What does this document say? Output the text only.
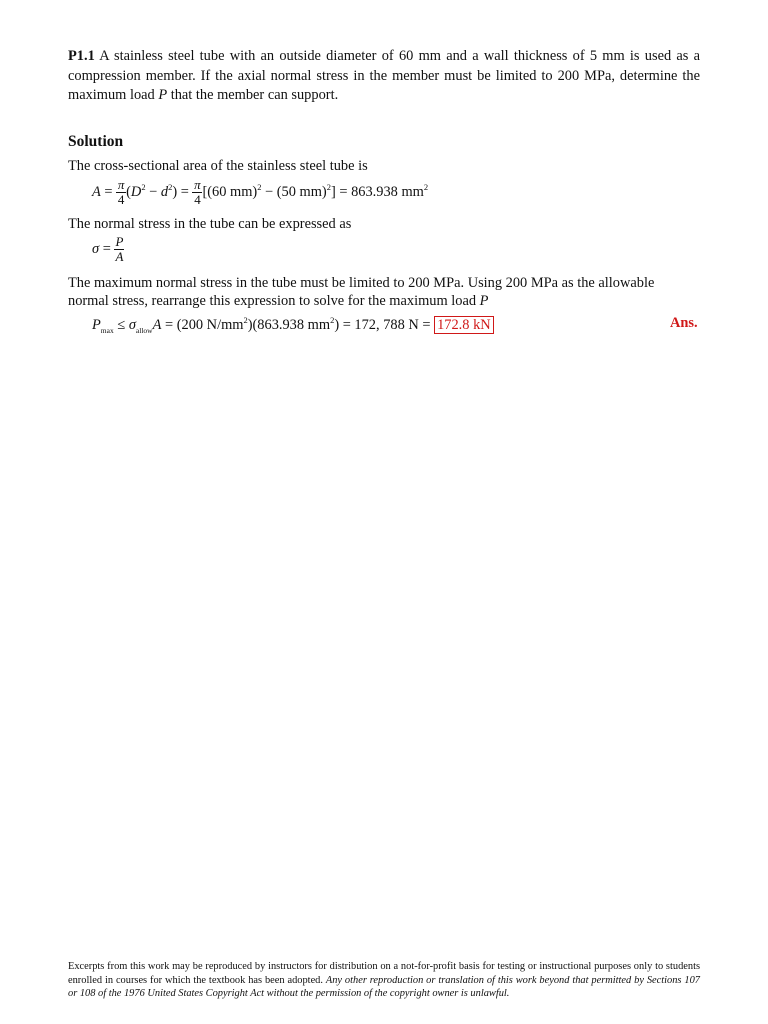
P1.1 A stainless steel tube with an outside diameter of 60 mm and a wall thickness of 5 mm is used as a compression member. If the axial normal stress in the member must be limited to 200 MPa, determine the maximum load P that the member can support.
Solution
The cross-sectional area of the stainless steel tube is
$A = \frac{\pi}{4} (D^2 - d^2) = \frac{\pi}{4} [(60$ mm)$^2$ − (50 mm)$^2$] = 863.938 $mm^2$
The normal stress in the tube can be expressed as
$\sigma = \frac{P}{A}$
The maximum normal stress in the tube must be limited to 200 MPa. Using 200 MPa as the allowable
normal stress, rearrange this expression to solve for the maximum load P
$P_{max} \le \sigma_{allow}A = (200$ $N/mm^2)(863.938$ $mm^2) = 172$, 788 N = 172.8 kN	Ans.
Excerpts from this work may be reproduced by instructors for distribution on a not-for-profit basis for testing or instructional purposes only to students enrolled in courses for which the textbook has been adopted. Any other reproduction or translation of this work beyond that permitted by Sections 107 or 108 of the 1976 United States Copyright Act without the permission of the copyright owner is unlawful.
